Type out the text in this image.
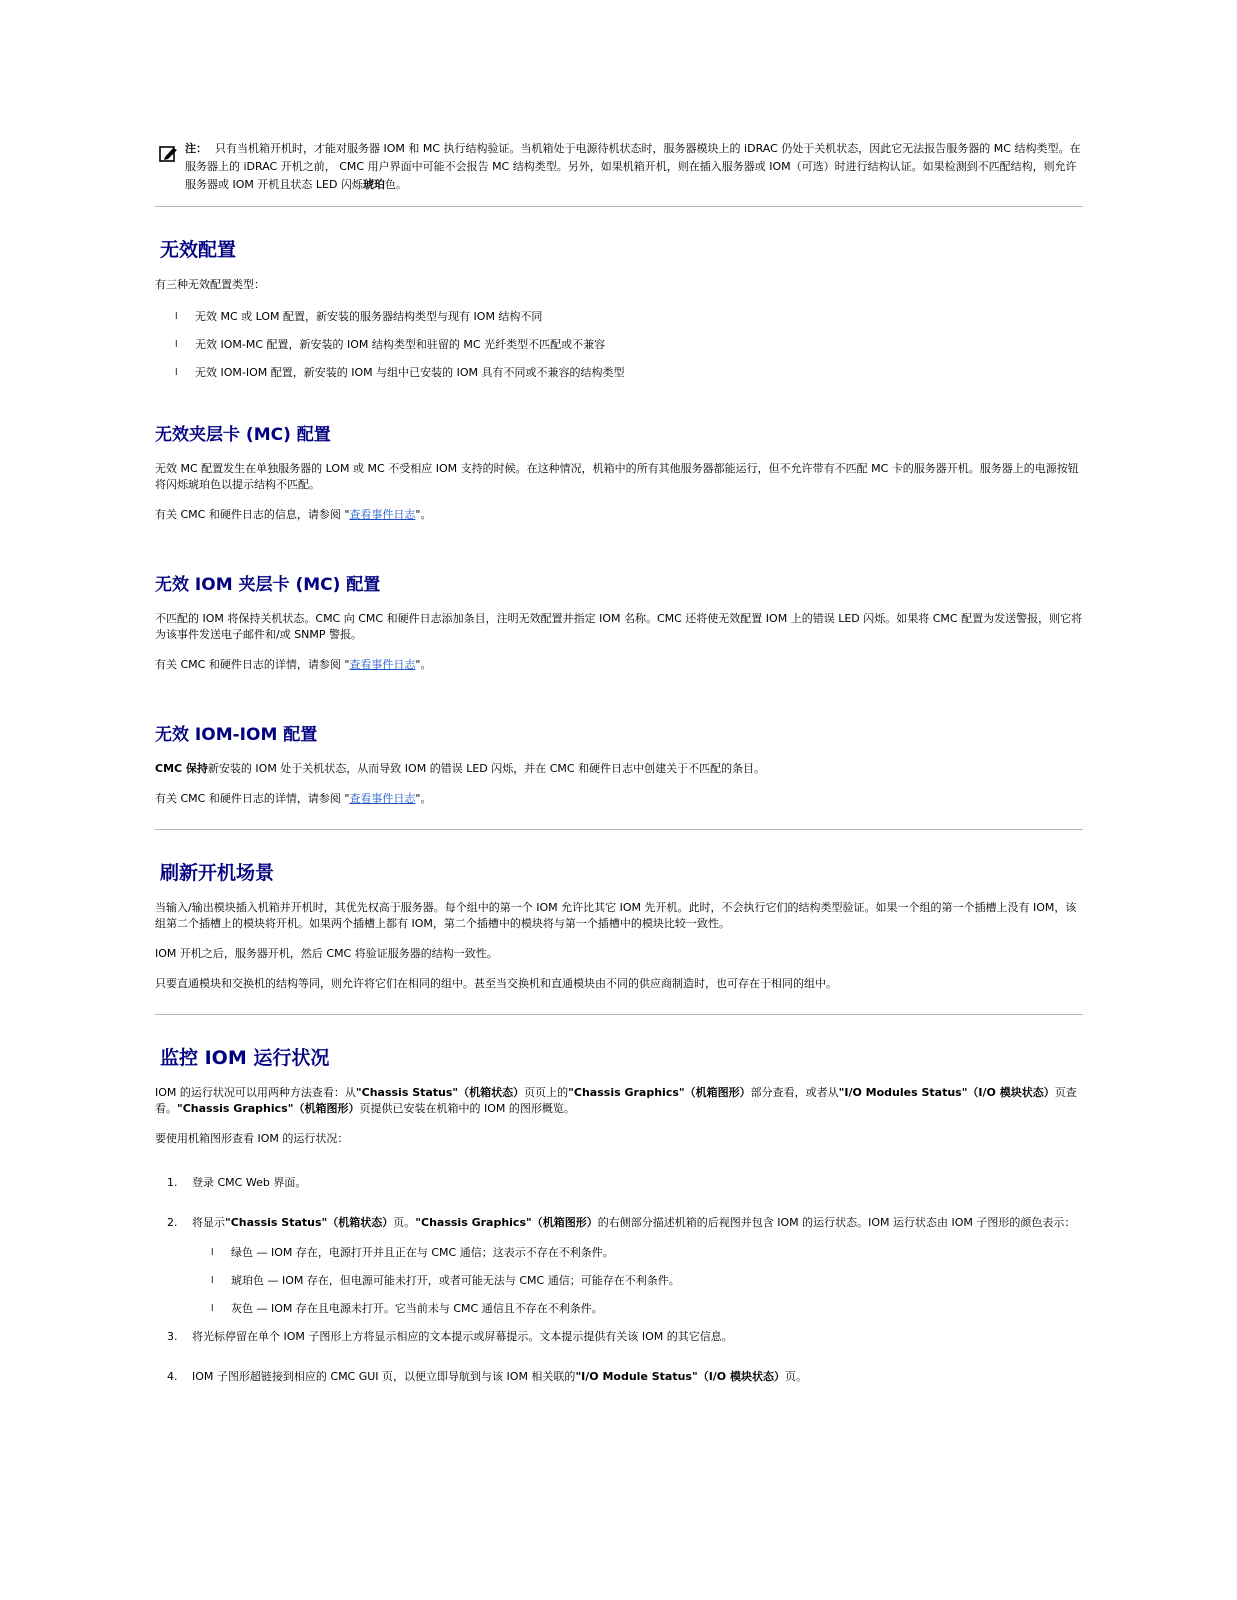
注： 只有当机箱开机时，才能对服务器 IOM 和 MC 执行结构验证。当机箱处于电源待机状态时，服务器模块上的 iDRAC 仍处于关机状态，因此它无法报告服务器的 MC 结构类型。在服务器上的 iDRAC 开机之前， CMC 用户界面中可能不会报告 MC 结构类型。另外，如果机箱开机，则在插入服务器或 IOM（可选）时进行结构认证。如果检测到不匹配结构，则允许服务器或 IOM 开机且状态 LED 闪烁琥珀色。
无效配置

有三种无效配置类型：

l 无效 MC 或 LOM 配置，新安装的服务器结构类型与现有 IOM 结构不同
l 无效 IOM-MC 配置，新安装的 IOM 结构类型和驻留的 MC 光纤类型不匹配或不兼容
l 无效 IOM-IOM 配置，新安装的 IOM 与组中已安装的 IOM 具有不同或不兼容的结构类型
无效夹层卡 (MC) 配置

无效 MC 配置发生在单独服务器的 LOM 或 MC 不受相应 IOM 支持的时候。在这种情况，机箱中的所有其他服务器都能运行，但不允许带有不匹配 MC 卡的服务器开机。服务器上的电源按钮将闪烁琥珀色以提示结构不匹配。

有关 CMC 和硬件日志的信息，请参阅 "查看事件日志"。

无效 IOM 夹层卡 (MC) 配置

不匹配的 IOM 将保持关机状态。CMC 向 CMC 和硬件日志添加条目，注明无效配置并指定 IOM 名称。CMC 还将使无效配置 IOM 上的错误 LED 闪烁。如果将 CMC 配置为发送警报，则它将为该事件发送电子邮件和/或 SNMP 警报。

有关 CMC 和硬件日志的详情，请参阅 "查看事件日志"。

无效 IOM-IOM 配置

CMC 保持新安装的 IOM 处于关机状态，从而导致 IOM 的错误 LED 闪烁，并在 CMC 和硬件日志中创建关于不匹配的条目。

有关 CMC 和硬件日志的详情，请参阅 "查看事件日志"。

刷新开机场景

当输入/输出模块插入机箱并开机时，其优先权高于服务器。每个组中的第一个 IOM 允许比其它 IOM 先开机。此时，不会执行它们的结构类型验证。如果一个组的第一个插槽上没有 IOM，该组第二个插槽上的模块将开机。如果两个插槽上都有 IOM，第二个插槽中的模块将与第一个插槽中的模块比较一致性。

IOM 开机之后，服务器开机，然后 CMC 将验证服务器的结构一致性。

只要直通模块和交换机的结构等同，则允许将它们在相同的组中。甚至当交换机和直通模块由不同的供应商制造时，也可存在于相同的组中。

监控 IOM 运行状况

IOM 的运行状况可以用两种方法查看：从"Chassis Status"（机箱状态）页页上的"Chassis Graphics"（机箱图形）部分查看，或者从"I/O Modules Status"（I/O 模块状态）页查看。"Chassis Graphics"（机箱图形）页提供已安装在机箱中的 IOM 的图形概览。

要使用机箱图形查看 IOM 的运行状况：

1. 登录 CMC Web 界面。
2. 将显示"Chassis Status"（机箱状态）页。"Chassis Graphics"（机箱图形）的右侧部分描述机箱的后视图并包含 IOM 的运行状态。IOM 运行状态由 IOM 子图形的颜色表示：
l 绿色 — IOM 存在，电源打开并且正在与 CMC 通信；这表示不存在不利条件。
l 琥珀色 — IOM 存在，但电源可能未打开，或者可能无法与 CMC 通信；可能存在不利条件。
l 灰色 — IOM 存在且电源未打开。它当前未与 CMC 通信且不存在不利条件。
3. 将光标停留在单个 IOM 子图形上方将显示相应的文本提示或屏幕提示。文本提示提供有关该 IOM 的其它信息。
4. IOM 子图形超链接到相应的 CMC GUI 页，以便立即导航到与该 IOM 相关联的"I/O Module Status"（I/O 模块状态）页。
